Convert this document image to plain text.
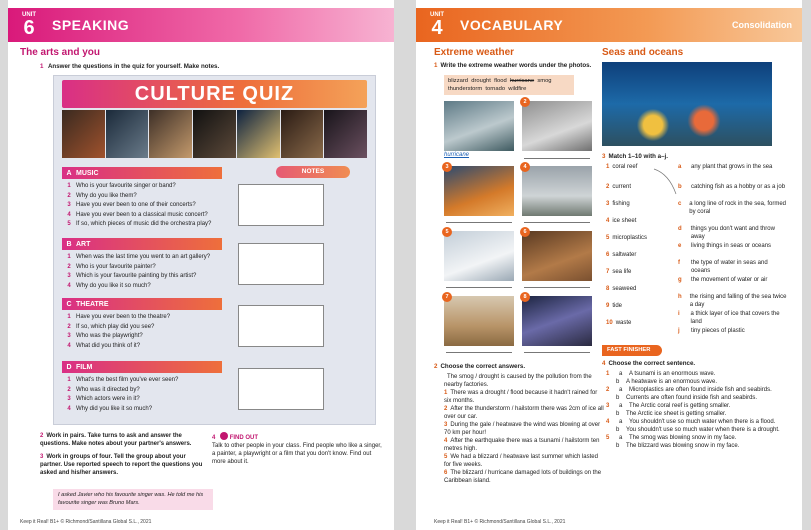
UNIT
6	SPEAKING
The arts and you
1 Answer the questions in the quiz for yourself. Make notes.
CULTURE QUIZ
NOTES
A MUSIC
1 Who is your favourite singer or band?
2 Why do you like them?
3 Have you ever been to one of their concerts?
4 Have you ever been to a classical music concert?
5 If so, which pieces of music did the orchestra play?
B ART
1 When was the last time you went to an art gallery?
2 Who is your favourite painter?
3 Which is your favourite painting by this artist?
4 Why do you like it so much?
C THEATRE
1 Have you ever been to the theatre?
2 If so, which play did you see?
3 Who was the playwright?
4 What did you think of it?
D FILM
1 What's the best film you've ever seen?
2 Who was it directed by?
3 Which actors were in it?
4 Why did you like it so much?
2 Work in pairs. Take turns to ask and answer the questions. Make notes about your partner's answers.
3 Work in groups of four. Tell the group about your partner. Use reported speech to report the questions you asked and his/her answers.
I asked Javier who his favourite singer was. He told me his favourite singer was Bruno Mars.
4 FIND OUT
Talk to other people in your class. Find people who like a singer, a painter, a playwright or a film that you don't know. Find out more about it.
Keep it Real! B1+ © Richmond/Santillana Global S.L., 2021
UNIT
4	VOCABULARY	Consolidation
Extreme weather	Seas and oceans
1 Write the extreme weather words under the photos.
blizzard drought flood hurricane smog thunderstorm tornado wildfire
2
hurricane
3	4
5	6
7	8
2 Choose the correct answers.
The smog / drought is caused by the pollution from the nearby factories.
1 There was a drought / flood because it hadn't rained for six months.
2 After the thunderstorm / hailstorm there was 2cm of ice all over our car.
3 During the gale / heatwave the wind was blowing at over 70 km per hour!
4 After the earthquake there was a tsunami / hailstorm ten metres high.
5 We had a blizzard / heatwave last summer which lasted for five weeks.
6 The blizzard / hurricane damaged lots of buildings on the Caribbean island.
3 Match 1–10 with a–j.
1 coral reef
2 current
3 fishing
4 ice sheet
5 microplastics
6 saltwater
7 sea life
8 seaweed
9 tide
10 waste
a	any plant that grows in the sea
b	catching fish as a hobby or as a job
c	a long line of rock in the sea, formed by coral
d	things you don't want and throw away
e	living things in seas or oceans
f	the type of water in seas and oceans
g	the movement of water or air
h	the rising and falling of the sea twice a day
i	a thick layer of ice that covers the land
j	tiny pieces of plastic
FAST FINISHER
4 Choose the correct sentence.
1	a	A tsunami is an enormous wave.
b	A heatwave is an enormous wave.
2	a	Microplastics are often found inside fish and seabirds.
b	Currents are often found inside fish and seabirds.
3	a	The Arctic coral reef is getting smaller.
b	The Arctic ice sheet is getting smaller.
4	a	You shouldn't use so much water when there is a flood.
b	You shouldn't use so much water when there is a drought.
5	a	The smog was blowing snow in my face.
b	The blizzard was blowing snow in my face.
Keep it Real! B1+ © Richmond/Santillana Global S.L., 2021
